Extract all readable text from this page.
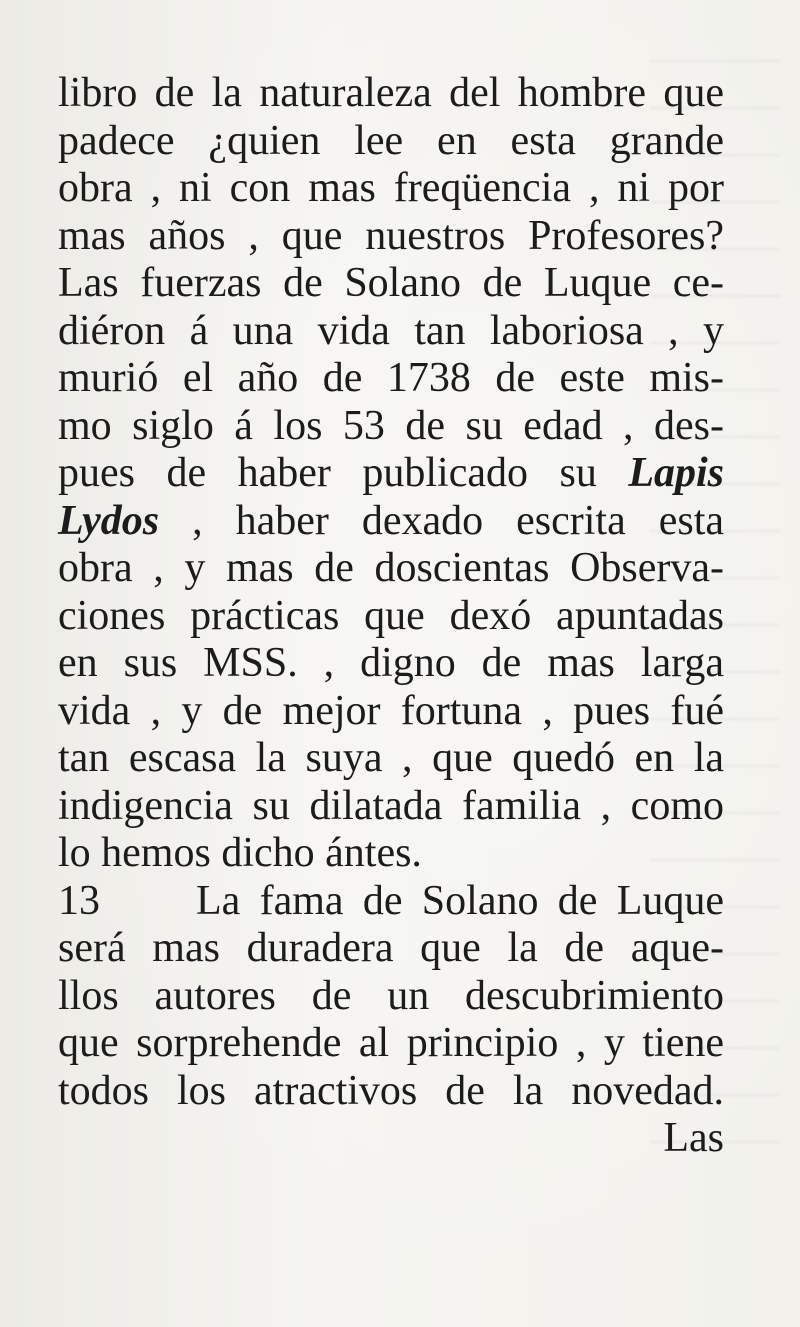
libro de la naturaleza del hombre que
padece ¿quien lee en esta grande
obra , ni con mas freqüencia , ni por
mas años , que nuestros Profesores?
Las fuerzas de Solano de Luque ce-
diéron á una vida tan laboriosa , y
murió el año de 1738 de este mis-
mo siglo á los 53 de su edad , des-
pues de haber publicado su Lapis
Lydos , haber dexado escrita esta
obra , y mas de doscientas Observa-
ciones prácticas que dexó apuntadas
en sus MSS. , digno de mas larga
vida , y de mejor fortuna , pues fué
tan escasa la suya , que quedó en la
indigencia su dilatada familia , como
lo hemos dicho ántes.
13 La fama de Solano de Luque
será mas duradera que la de aque-
llos autores de un descubrimiento
que sorprehende al principio , y tiene
todos los atractivos de la novedad.
Las
